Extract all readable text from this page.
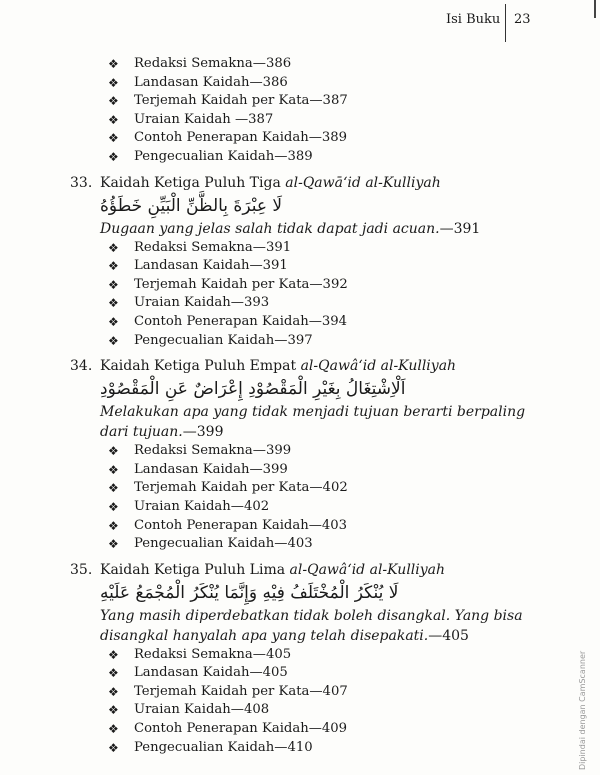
Isi Buku 23
❖ Redaksi Semakna—386
❖ Landasan Kaidah—386
❖ Terjemah Kaidah per Kata—387
❖ Uraian Kaidah —387
❖ Contoh Penerapan Kaidah—389
❖ Pengecualian Kaidah—389
33. Kaidah Ketiga Puluh Tiga al-Qawā‘id al-Kulliyah
لَا عِبْرَةَ بِالظَّنِّ الْبَيِّنِ خَطَؤُهُ
Dugaan yang jelas salah tidak dapat jadi acuan.—391
❖ Redaksi Semakna—391
❖ Landasan Kaidah—391
❖ Terjemah Kaidah per Kata—392
❖ Uraian Kaidah—393
❖ Contoh Penerapan Kaidah—394
❖ Pengecualian Kaidah—397
34. Kaidah Ketiga Puluh Empat al-Qawâ‘id al-Kulliyah
اَلْاِشْتِغَالُ بِغَيْرِ الْمَقْصُوْدِ إِعْرَاضٌ عَنِ الْمَقْصُوْدِ
Melakukan apa yang tidak menjadi tujuan berarti berpaling dari tujuan.—399
❖ Redaksi Semakna—399
❖ Landasan Kaidah—399
❖ Terjemah Kaidah per Kata—402
❖ Uraian Kaidah—402
❖ Contoh Penerapan Kaidah—403
❖ Pengecualian Kaidah—403
35. Kaidah Ketiga Puluh Lima al-Qawâ‘id al-Kulliyah
لَا يُنْكَرُ الْمُخْتَلَفُ فِيْهِ وَإِنَّمَا يُنْكَرُ الْمُجْمَعُ عَلَيْهِ
Yang masih diperdebatkan tidak boleh disangkal. Yang bisa disangkal hanyalah apa yang telah disepakati.—405
❖ Redaksi Semakna—405
❖ Landasan Kaidah—405
❖ Terjemah Kaidah per Kata—407
❖ Uraian Kaidah—408
❖ Contoh Penerapan Kaidah—409
❖ Pengecualian Kaidah—410	Dipindai dengan CamScanner
